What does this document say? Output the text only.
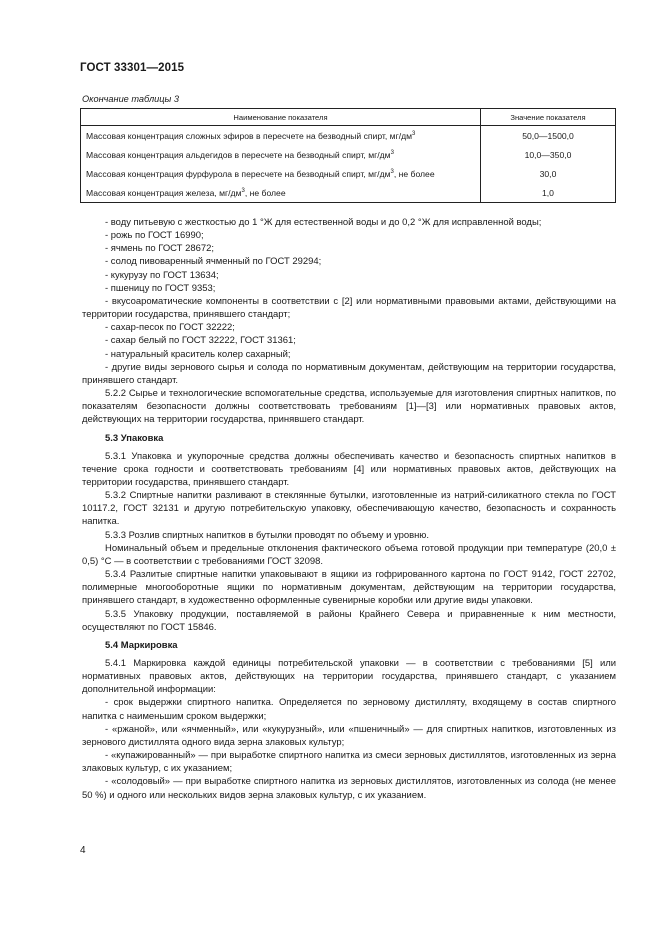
ГОСТ 33301—2015
Окончание таблицы 3
Наименование показателя	Значение показателя
Массовая концентрация сложных эфиров в пересчете на безводный спирт, $мг/дм^3$	50,0—1500,0
Массовая концентрация альдегидов в пересчете на безводный спирт, $мг/дм^3$	10,0—350,0
Массовая концентрация фурфурола в пересчете на безводный спирт, $мг/дм^3$, не более	30,0
Массовая концентрация железа, $мг/дм^3$, не более	1,0

- воду питьевую с жесткостью до 1 °Ж для естественной воды и до 0,2 °Ж для исправленной воды;

- рожь по ГОСТ 16990;

- ячмень по ГОСТ 28672;

- солод пивоваренный ячменный по ГОСТ 29294;

- кукурузу по ГОСТ 13634;

- пшеницу по ГОСТ 9353;

- вкусоароматические компоненты в соответствии с [2] или нормативными правовыми актами, действующими на территории государства, принявшего стандарт;

- сахар-песок по ГОСТ 32222;

- сахар белый по ГОСТ 32222, ГОСТ 31361;

- натуральный краситель колер сахарный;

- другие виды зернового сырья и солода по нормативным документам, действующим на территории государства, принявшего стандарт.

5.2.2 Сырье и технологические вспомогательные средства, используемые для изготовления спиртных напитков, по показателям безопасности должны соответствовать требованиям [1]—[3] или нормативных правовых актов, действующих на территории государства, принявшего стандарт.

5.3 Упаковка

5.3.1 Упаковка и укупорочные средства должны обеспечивать качество и безопасность спиртных напитков в течение срока годности и соответствовать требованиям [4] или нормативных правовых актов, действующих на территории государства, принявшего стандарт.

5.3.2 Спиртные напитки разливают в стеклянные бутылки, изготовленные из натрий-силикатного стекла по ГОСТ 10117.2, ГОСТ 32131 и другую потребительскую упаковку, обеспечивающую качество, безопасность и сохранность напитка.

5.3.3 Розлив спиртных напитков в бутылки проводят по объему и уровню.

Номинальный объем и предельные отклонения фактического объема готовой продукции при температуре (20,0 ± 0,5) °С — в соответствии с требованиями ГОСТ 32098.

5.3.4 Разлитые спиртные напитки упаковывают в ящики из гофрированного картона по ГОСТ 9142, ГОСТ 22702, полимерные многооборотные ящики по нормативным документам, действующим на территории государства, принявшего стандарт, в художественно оформленные сувенирные коробки или другие виды упаковки.

5.3.5 Упаковку продукции, поставляемой в районы Крайнего Севера и приравненные к ним местности, осуществляют по ГОСТ 15846.

5.4 Маркировка

5.4.1 Маркировка каждой единицы потребительской упаковки — в соответствии с требованиями [5] или нормативных правовых актов, действующих на территории государства, принявшего стандарт, с указанием дополнительной информации:

- срок выдержки спиртного напитка. Определяется по зерновому дистилляту, входящему в состав спиртного напитка с наименьшим сроком выдержки;

- «ржаной», или «ячменный», или «кукурузный», или «пшеничный» — для спиртных напитков, изготовленных из зернового дистиллята одного вида зерна злаковых культур;

- «купажированный» — при выработке спиртного напитка из смеси зерновых дистиллятов, изготовленных из зерна злаковых культур, с их указанием;

- «солодовый» — при выработке спиртного напитка из зерновых дистиллятов, изготовленных из солода (не менее 50 %) и одного или нескольких видов зерна злаковых культур, с их указанием.

4
